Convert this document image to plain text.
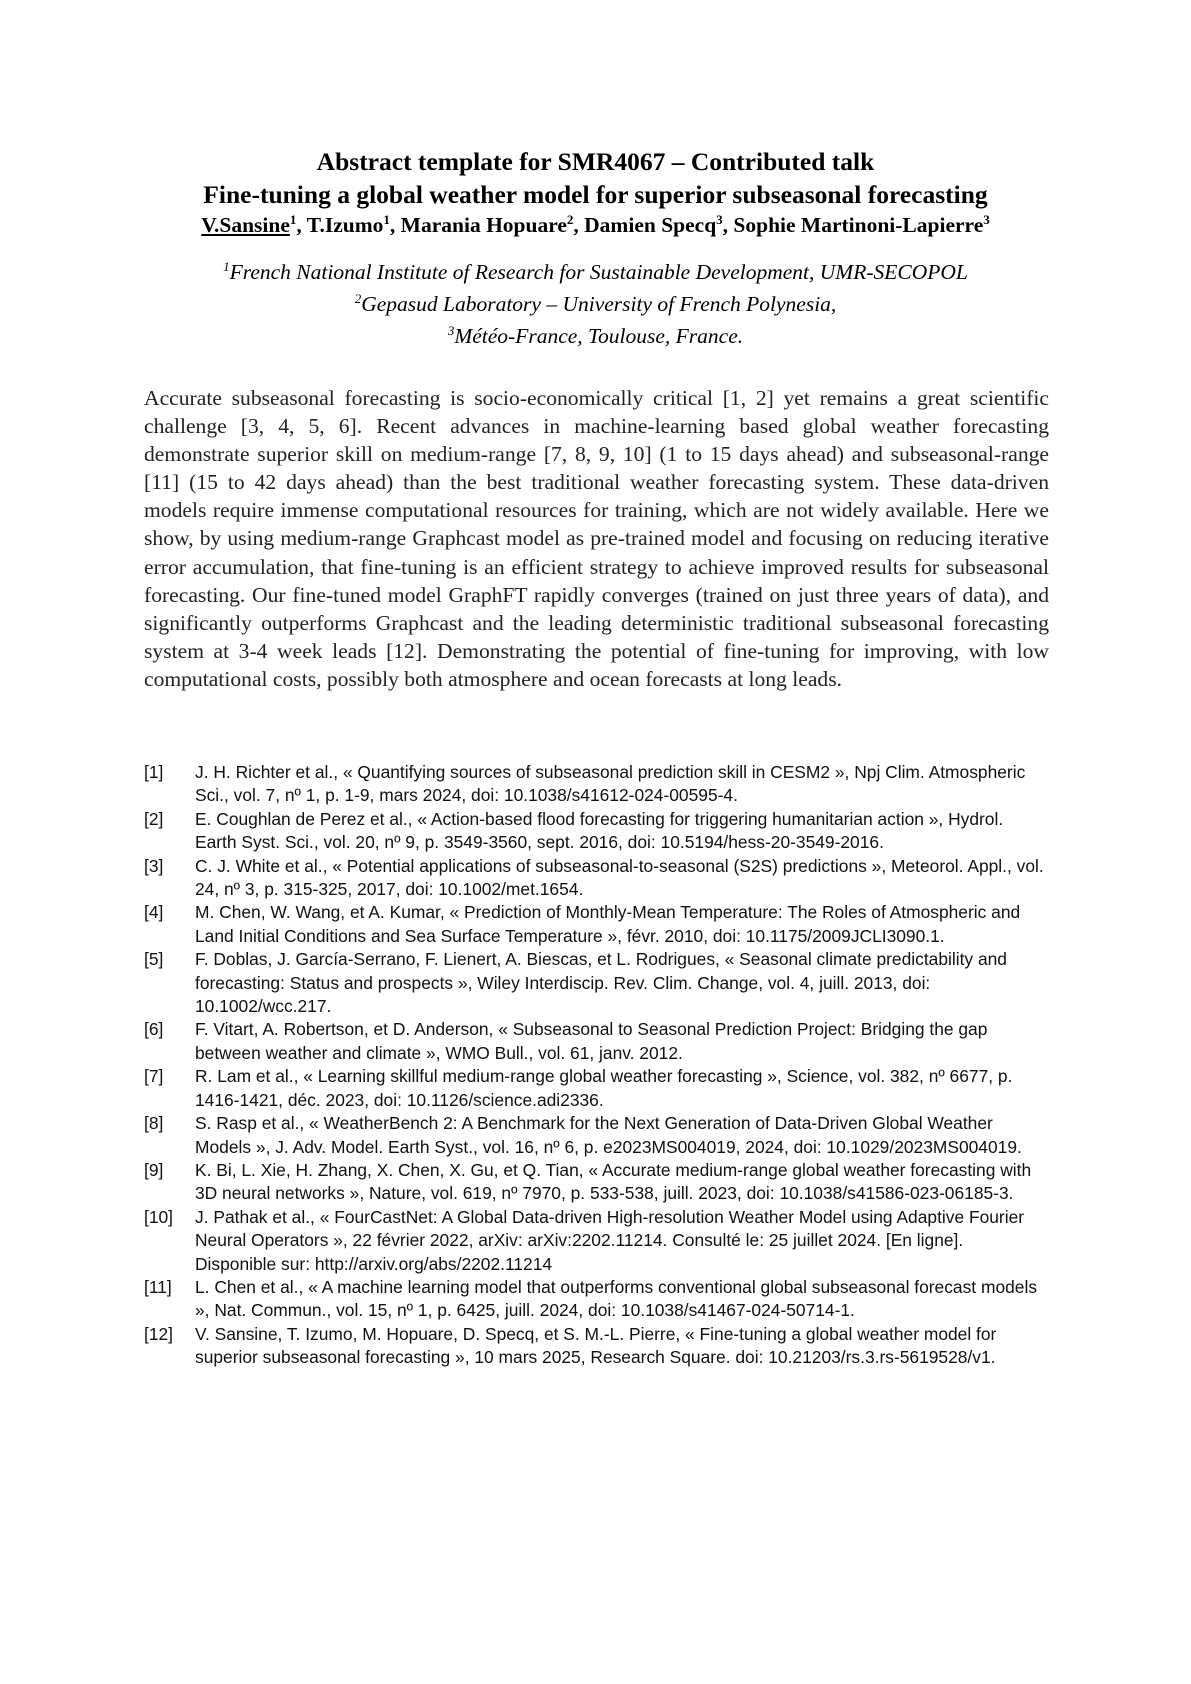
Abstract template for SMR4067 – Contributed talk
Fine-tuning a global weather model for superior subseasonal forecasting
V.Sansine$^1$, T.Izumo$^1$, Marania Hopuare$^2$, Damien Specq$^3$, Sophie Martinoni-Lapierre$^3$
$^1$French National Institute of Research for Sustainable Development, UMR-SECOPOL
$^2$Gepasud Laboratory – University of French Polynesia,
$^3$Météo-France, Toulouse, France.
Accurate subseasonal forecasting is socio-economically critical [1, 2] yet remains a great scientific challenge [3, 4, 5, 6]. Recent advances in machine-learning based global weather forecasting demonstrate superior skill on medium-range [7, 8, 9, 10] (1 to 15 days ahead) and subseasonal-range [11] (15 to 42 days ahead) than the best traditional weather forecasting system. These data-driven models require immense computational resources for training, which are not widely available. Here we show, by using medium-range Graphcast model as pre-trained model and focusing on reducing iterative error accumulation, that fine-tuning is an efficient strategy to achieve improved results for subseasonal forecasting. Our fine-tuned model GraphFT rapidly converges (trained on just three years of data), and significantly outperforms Graphcast and the leading deterministic traditional subseasonal forecasting system at 3-4 week leads [12]. Demonstrating the potential of fine-tuning for improving, with low computational costs, possibly both atmosphere and ocean forecasts at long leads.
[1]	J. H. Richter et al., « Quantifying sources of subseasonal prediction skill in CESM2 », Npj Clim. Atmospheric Sci., vol. 7, nº 1, p. 1-9, mars 2024, doi: 10.1038/s41612-024-00595-4.
[2]	E. Coughlan de Perez et al., « Action-based flood forecasting for triggering humanitarian action », Hydrol. Earth Syst. Sci., vol. 20, nº 9, p. 3549-3560, sept. 2016, doi: 10.5194/hess-20-3549-2016.
[3]	C. J. White et al., « Potential applications of subseasonal-to-seasonal (S2S) predictions », Meteorol. Appl., vol. 24, nº 3, p. 315-325, 2017, doi: 10.1002/met.1654.
[4]	M. Chen, W. Wang, et A. Kumar, « Prediction of Monthly-Mean Temperature: The Roles of Atmospheric and Land Initial Conditions and Sea Surface Temperature », févr. 2010, doi: 10.1175/2009JCLI3090.1.
[5]	F. Doblas, J. García-Serrano, F. Lienert, A. Biescas, et L. Rodrigues, « Seasonal climate predictability and forecasting: Status and prospects », Wiley Interdiscip. Rev. Clim. Change, vol. 4, juill. 2013, doi: 10.1002/wcc.217.
[6]	F. Vitart, A. Robertson, et D. Anderson, « Subseasonal to Seasonal Prediction Project: Bridging the gap between weather and climate », WMO Bull., vol. 61, janv. 2012.
[7]	R. Lam et al., « Learning skillful medium-range global weather forecasting », Science, vol. 382, nº 6677, p. 1416-1421, déc. 2023, doi: 10.1126/science.adi2336.
[8]	S. Rasp et al., « WeatherBench 2: A Benchmark for the Next Generation of Data-Driven Global Weather Models », J. Adv. Model. Earth Syst., vol. 16, nº 6, p. e2023MS004019, 2024, doi: 10.1029/2023MS004019.
[9]	K. Bi, L. Xie, H. Zhang, X. Chen, X. Gu, et Q. Tian, « Accurate medium-range global weather forecasting with 3D neural networks », Nature, vol. 619, nº 7970, p. 533-538, juill. 2023, doi: 10.1038/s41586-023-06185-3.
[10]	J. Pathak et al., « FourCastNet: A Global Data-driven High-resolution Weather Model using Adaptive Fourier Neural Operators », 22 février 2022, arXiv: arXiv:2202.11214. Consulté le: 25 juillet 2024. [En ligne]. Disponible sur: http://arxiv.org/abs/2202.11214
[11]	L. Chen et al., « A machine learning model that outperforms conventional global subseasonal forecast models », Nat. Commun., vol. 15, nº 1, p. 6425, juill. 2024, doi: 10.1038/s41467-024-50714-1.
[12]	V. Sansine, T. Izumo, M. Hopuare, D. Specq, et S. M.-L. Pierre, « Fine-tuning a global weather model for superior subseasonal forecasting », 10 mars 2025, Research Square. doi: 10.21203/rs.3.rs-5619528/v1.
